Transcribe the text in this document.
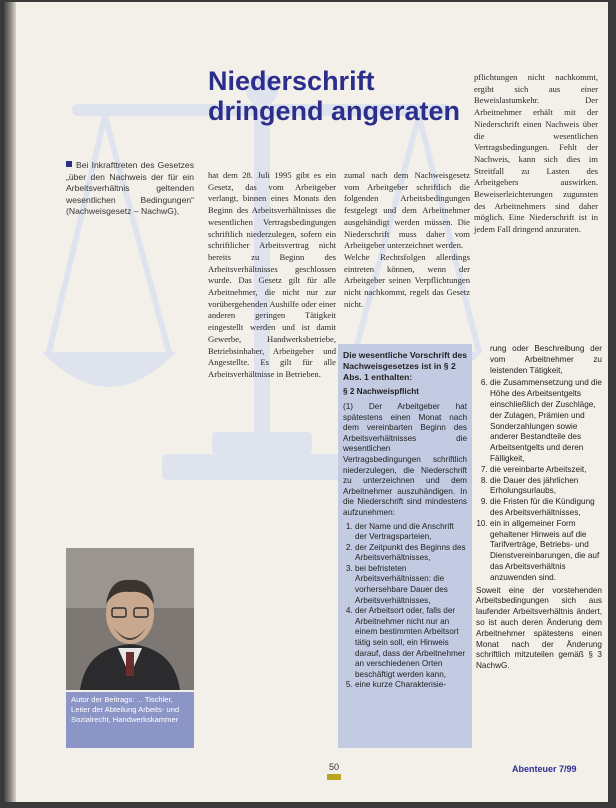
Niederschrift
dringend angeraten
Bei Inkrafttreten des Gesetzes „über den Nachweis der für ein Arbeitsverhältnis geltenden wesentlichen Bedingungen“ (Nachweisgesetz – NachwG),

hat dem 28. Juli 1995 gibt es ein Gesetz, das vom Arbeitgeber verlangt, binnen eines Monats den Beginn des Arbeitsverhältnisses die wesentlichen Vertragsbedingungen schriftlich niederzulegen, sofern ein schriftlicher Arbeitsvertrag nicht bereits zu Beginn des Arbeitsverhältnisses geschlossen wurde. Das Gesetz gilt für alle Arbeitnehmer, die nicht nur zur vorübergehenden Aushilfe oder einer anderen geringen Tätigkeit eingestellt werden und ist damit Gewerbe, Handwerksbetriebe, Betriebsinhaber, Arbeitgeber und Angestellte. Es gilt für alle Arbeitsverhältnisse in Betrieben.

zumal nach dem Nachweisgesetz vom Arbeitgeber schriftlich die folgenden Arbeitsbedingungen festgelegt und dem Arbeitnehmer ausgehändigt werden müssen. Die Niederschrift muss daher vom Arbeitgeber unterzeichnet werden.

Welche Rechtsfolgen allerdings eintreten können, wenn der Arbeitgeber seinen Verpflichtungen nicht nachkommt, regelt das Gesetz nicht.

pflichtungen nicht nachkommt, ergibt sich aus einer Beweislastumkehr. Der Arbeitnehmer erhält mit der Niederschrift einen Nachweis über die wesentlichen Vertragsbedingungen. Fehlt der Nachweis, kann sich dies im Streitfall zu Lasten des Arbeitgebers auswirken. Beweiserleichterungen zugunsten des Arbeitnehmers sind daher möglich. Eine Niederschrift ist in jedem Fall dringend anzuraten.

Autor der Beitrags: ... Tischler, Leiter der Abteilung Arbeits- und Sozialrecht, Handwerkskammer
Die wesentliche Vorschrift des Nachweisgesetzes ist in § 2 Abs. 1 enthalten:
§ 2 Nachweispflicht

(1) Der Arbeitgeber hat spätestens einen Monat nach dem vereinbarten Beginn des Arbeitsverhältnisses die wesentlichen Vertragsbedingungen schriftlich niederzulegen, die Niederschrift zu unterzeichnen und dem Arbeitnehmer auszuhändigen. In die Niederschrift sind mindestens aufzunehmen:

1. der Name und die Anschrift der Vertragsparteien,
2. der Zeitpunkt des Beginns des Arbeitsverhältnisses,
3. bei befristeten Arbeitsverhältnissen: die vorhersehbare Dauer des Arbeitsverhältnisses,
4. der Arbeitsort oder, falls der Arbeitnehmer nicht nur an einem bestimmten Arbeitsort tätig sein soll, ein Hinweis darauf, dass der Arbeitnehmer an verschiedenen Orten beschäftigt werden kann,
5. eine kurze Charakterisie-

rung oder Beschreibung der vom Arbeitnehmer zu leistenden Tätigkeit,

6. die Zusammensetzung und die Höhe des Arbeitsentgelts einschließlich der Zuschläge, der Zulagen, Prämien und Sonderzahlungen sowie anderer Bestandteile des Arbeitsentgelts und deren Fälligkeit,
7. die vereinbarte Arbeitszeit,
8. die Dauer des jährlichen Erholungsurlaubs,
9. die Fristen für die Kündigung des Arbeitsverhältnisses,
10. ein in allgemeiner Form gehaltener Hinweis auf die Tarifverträge, Betriebs- und Dienstvereinbarungen, die auf das Arbeitsverhältnis anzuwenden sind.

Soweit eine der vorstehenden Arbeitsbedingungen sich aus laufender Arbeitsverhältnis ändert, so ist auch deren Änderung dem Arbeitnehmer spätestens einen Monat nach der Änderung schriftlich mitzuteilen gemäß § 3 NachwG.

50	Abenteuer 7/99
